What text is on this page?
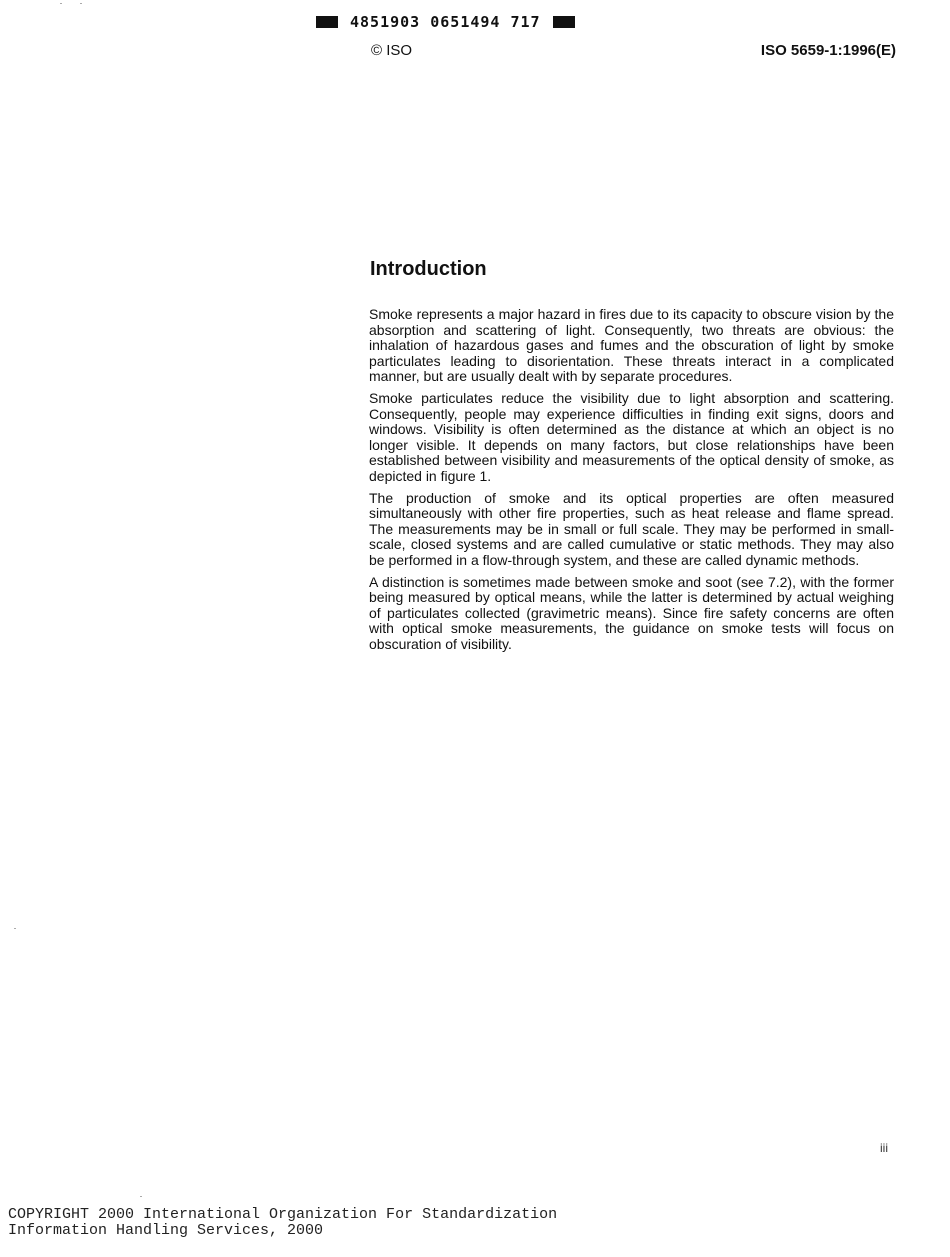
4851903 0651494 717
© ISO	ISO 5659-1:1996(E)
Introduction

Smoke represents a major hazard in fires due to its capacity to obscure vision by the absorption and scattering of light. Consequently, two threats are obvious: the inhalation of hazardous gases and fumes and the obscuration of light by smoke particulates leading to disorientation. These threats interact in a complicated manner, but are usually dealt with by separate procedures.

Smoke particulates reduce the visibility due to light absorption and scattering. Consequently, people may experience difficulties in finding exit signs, doors and windows. Visibility is often determined as the distance at which an object is no longer visible. It depends on many factors, but close relationships have been established between visibility and measurements of the optical density of smoke, as depicted in figure 1.

The production of smoke and its optical properties are often measured simultaneously with other fire properties, such as heat release and flame spread. The measurements may be in small or full scale. They may be performed in small-scale, closed systems and are called cumulative or static methods. They may also be performed in a flow-through system, and these are called dynamic methods.

A distinction is sometimes made between smoke and soot (see 7.2), with the former being measured by optical means, while the latter is determined by actual weighing of particulates collected (gravimetric means). Since fire safety concerns are often with optical smoke measurements, the guidance on smoke tests will focus on obscuration of visibility.

iii
COPYRIGHT 2000 International Organization For Standardization
Information Handling Services, 2000
